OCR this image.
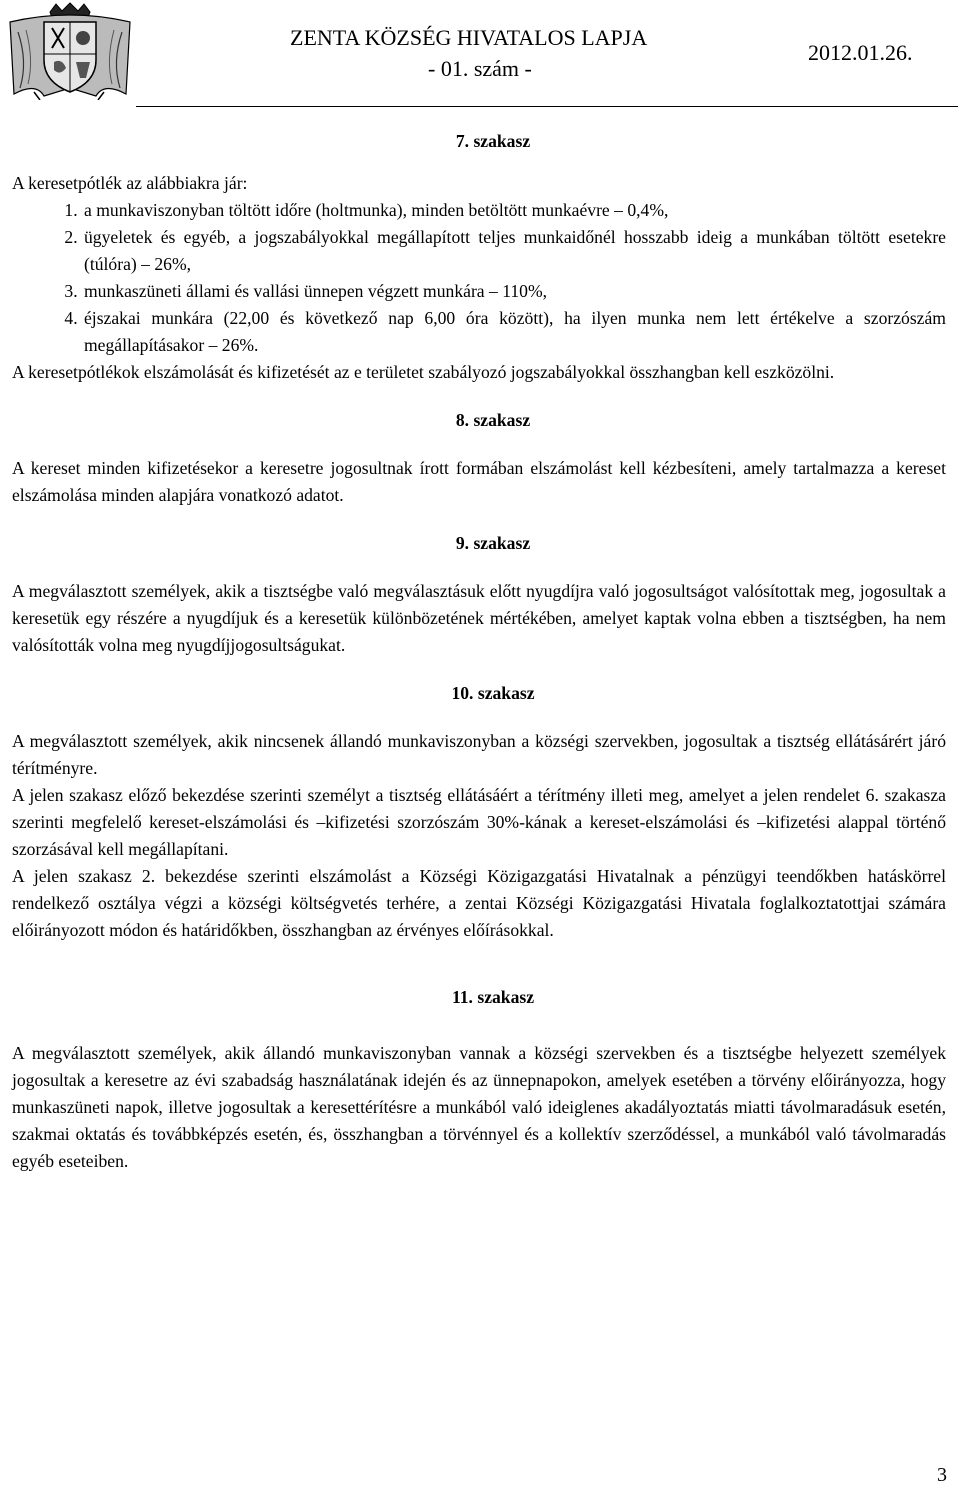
ZENTA KÖZSÉG HIVATALOS LAPJA
- 01. szám -
2012.01.26.
7. szakasz

A keresetpótlék az alábbiakra jár:

1. a munkaviszonyban töltött időre (holtmunka), minden betöltött munkaévre – 0,4%,
2. ügyeletek és egyéb, a jogszabályokkal megállapított teljes munkaidőnél hosszabb ideig a munkában töltött esetekre (túlóra) – 26%,
3. munkaszüneti állami és vallási ünnepen végzett munkára – 110%,
4. éjszakai munkára (22,00 és következő nap 6,00 óra között), ha ilyen munka nem lett értékelve a szorzószám megállapításakor – 26%.

A keresetpótlékok elszámolását és kifizetését az e területet szabályozó jogszabályokkal összhangban kell eszközölni.

8. szakasz

A kereset minden kifizetésekor a keresetre jogosultnak írott formában elszámolást kell kézbesíteni, amely tartalmazza a kereset elszámolása minden alapjára vonatkozó adatot.

9. szakasz

A megválasztott személyek, akik a tisztségbe való megválasztásuk előtt nyugdíjra való jogosultságot valósítottak meg, jogosultak a keresetük egy részére a nyugdíjuk és a keresetük különbözetének mértékében, amelyet kaptak volna ebben a tisztségben, ha nem valósították volna meg nyugdíjjogosultságukat.

10. szakasz

A megválasztott személyek, akik nincsenek állandó munkaviszonyban a községi szervekben, jogosultak a tisztség ellátásárért járó térítményre.

A jelen szakasz előző bekezdése szerinti személyt a tisztség ellátásáért a térítmény illeti meg, amelyet a jelen rendelet 6. szakasza szerinti megfelelő kereset-elszámolási és –kifizetési szorzószám 30%-kának a kereset-elszámolási és –kifizetési alappal történő szorzásával kell megállapítani.

A jelen szakasz 2. bekezdése szerinti elszámolást a Községi Közigazgatási Hivatalnak a pénzügyi teendőkben hatáskörrel rendelkező osztálya végzi a községi költségvetés terhére, a zentai Községi Közigazgatási Hivatala foglalkoztatottjai számára előirányozott módon és határidőkben, összhangban az érvényes előírásokkal.

11. szakasz

A megválasztott személyek, akik állandó munkaviszonyban vannak a községi szervekben és a tisztségbe helyezett személyek jogosultak a keresetre az évi szabadság használatának idején és az ünnepnapokon, amelyek esetében a törvény előirányozza, hogy munkaszüneti napok, illetve jogosultak a keresettérítésre a munkából való ideiglenes akadályoztatás miatti távolmaradásuk esetén, szakmai oktatás és továbbképzés esetén, és, összhangban a törvénnyel és a kollektív szerződéssel, a munkából való távolmaradás egyéb eseteiben.

3
